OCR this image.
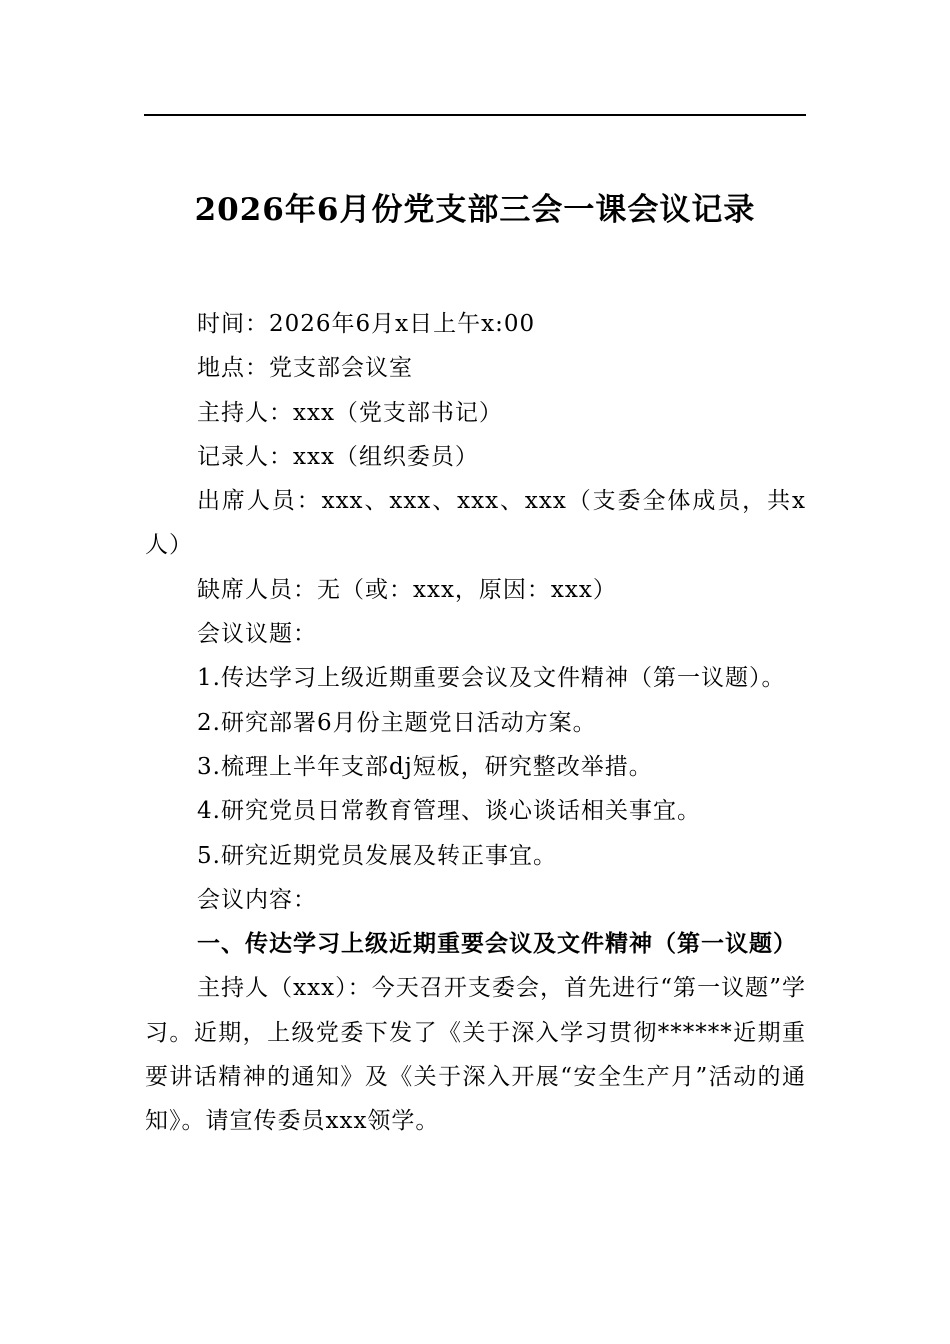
2026年6月份党支部三会一课会议记录

时间：2026年6月x日上午x:00

地点：党支部会议室

主持人：xxx（党支部书记）

记录人：xxx（组织委员）

出席人员：xxx、xxx、xxx、xxx（支委全体成员，共x人）

缺席人员：无（或：xxx，原因：xxx）

会议议题：

1.传达学习上级近期重要会议及文件精神（第一议题）。

2.研究部署6月份主题党日活动方案。

3.梳理上半年支部dj短板，研究整改举措。

4.研究党员日常教育管理、谈心谈话相关事宜。

5.研究近期党员发展及转正事宜。

会议内容：

一、传达学习上级近期重要会议及文件精神（第一议题）

主持人（xxx）：今天召开支委会，首先进行“第一议题”学习。近期，上级党委下发了《关于深入学习贯彻******近期重要讲话精神的通知》及《关于深入开展“安全生产月”活动的通知》。请宣传委员xxx领学。
